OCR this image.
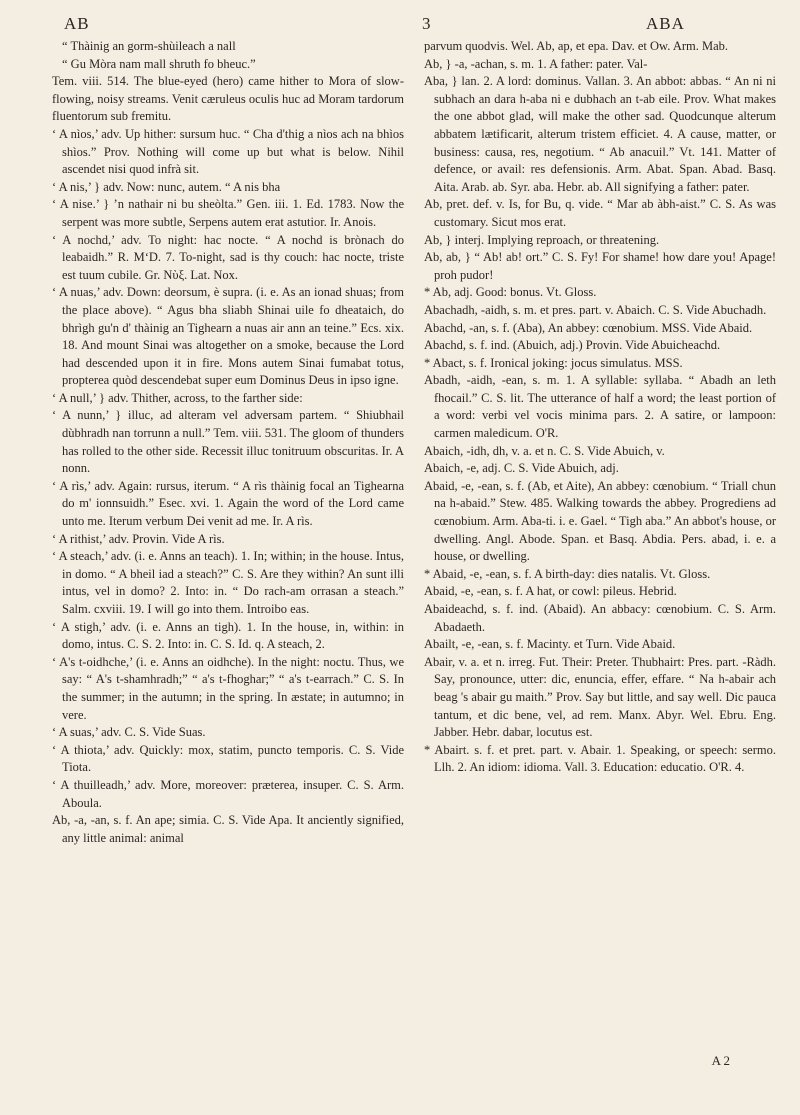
AB	3	ABA

“ Thàinig an gorm-shùileach a nall

“ Gu Mòra nam mall shruth fo bheuc.”

Tem. viii. 514. The blue-eyed (hero) came hither to Mora of slow-flowing, noisy streams. Venit cæruleus oculis huc ad Moram tardorum fluentorum sub fremitu.

‘ A nìos,’ adv. Up hither: sursum huc. “ Cha d'thig a nìos ach na bhìos shìos.” Prov. Nothing will come up but what is below. Nihil ascendet nisi quod infrà sit.

‘ A nis,’ } adv. Now: nunc, autem. “ A nis bha

‘ A nise.’ } ’n nathair ni bu sheòlta.” Gen. iii. 1. Ed. 1783. Now the serpent was more subtle, Serpens autem erat astutior. Ir. Anois.

‘ A nochd,’ adv. To night: hac nocte. “ A nochd is brònach do leabaidh.” R. M‘D. 7. To-night, sad is thy couch: hac nocte, triste est tuum cubile. Gr. Νὺξ. Lat. Nox.

‘ A nuas,’ adv. Down: deorsum, è supra. (i. e. As an ionad shuas; from the place above). “ Agus bha sliabh Shinai uile fo dheataich, do bhrìgh gu'n d' thàinig an Tighearn a nuas air ann an teine.” Ecs. xix. 18. And mount Sinai was altogether on a smoke, because the Lord had descended upon it in fire. Mons autem Sinai fumabat totus, propterea quòd descendebat super eum Dominus Deus in ipso igne.

‘ A null,’ } adv. Thither, across, to the farther side:

‘ A nunn,’ } illuc, ad alteram vel adversam partem. “ Shiubhail dùbhradh nan torrunn a null.” Tem. viii. 531. The gloom of thunders has rolled to the other side. Recessit illuc tonitruum obscuritas. Ir. A nonn.

‘ A rìs,’ adv. Again: rursus, iterum. “ A rìs thàinig focal an Tighearna do m' ionnsuidh.” Esec. xvi. 1. Again the word of the Lord came unto me. Iterum verbum Dei venit ad me. Ir. A rìs.

‘ A rithist,’ adv. Provin. Vide A rìs.

‘ A steach,’ adv. (i. e. Anns an teach). 1. In; within; in the house. Intus, in domo. “ A bheil iad a steach?” C. S. Are they within? An sunt illi intus, vel in domo? 2. Into: in. “ Do rach-am orrasan a steach.” Salm. cxviii. 19. I will go into them. Introibo eas.

‘ A stigh,’ adv. (i. e. Anns an tigh). 1. In the house, in, within: in domo, intus. C. S. 2. Into: in. C. S. Id. q. A steach, 2.

‘ A's t-oidhche,’ (i. e. Anns an oidhche). In the night: noctu. Thus, we say: “ A's t-shamhradh;” “ a's t-fhoghar;” “ a's t-earrach.” C. S. In the summer; in the autumn; in the spring. In æstate; in autumno; in vere.

‘ A suas,’ adv. C. S. Vide Suas.

‘ A thiota,’ adv. Quickly: mox, statim, puncto temporis. C. S. Vide Tiota.

‘ A thuilleadh,’ adv. More, moreover: præterea, insuper. C. S. Arm. Aboula.

Ab, -a, -an, s. f. An ape; simia. C. S. Vide Apa. It anciently signified, any little animal: animal

parvum quodvis. Wel. Ab, ap, et epa. Dav. et Ow. Arm. Mab.

Ab, } -a, -achan, s. m. 1. A father: pater. Val-

Aba, } lan. 2. A lord: dominus. Vallan. 3. An abbot: abbas. “ An ni ni subhach an dara h-aba ni e dubhach an t-ab eile. Prov. What makes the one abbot glad, will make the other sad. Quodcunque alterum abbatem lætificarit, alterum tristem efficiet. 4. A cause, matter, or business: causa, res, negotium. “ Ab anacuil.” Vt. 141. Matter of defence, or avail: res defensionis. Arm. Abat. Span. Abad. Basq. Aita. Arab. ab. Syr. aba. Hebr. ab. All signifying a father: pater.

Ab, pret. def. v. Is, for Bu, q. vide. “ Mar ab àbh-aist.” C. S. As was customary. Sicut mos erat.

Ab, } interj. Implying reproach, or threatening.

Ab, ab, } “ Ab! ab! ort.” C. S. Fy! For shame! how dare you! Apage! proh pudor!

* Ab, adj. Good: bonus. Vt. Gloss.

Abachadh, -aidh, s. m. et pres. part. v. Abaich. C. S. Vide Abuchadh.

Abachd, -an, s. f. (Aba), An abbey: cœnobium. MSS. Vide Abaid.

Abachd, s. f. ind. (Abuich, adj.) Provin. Vide Abuicheachd.

* Abact, s. f. Ironical joking: jocus simulatus. MSS.

Abadh, -aidh, -ean, s. m. 1. A syllable: syllaba. “ Abadh an leth fhocail.” C. S. lit. The utterance of half a word; the least portion of a word: verbi vel vocis minima pars. 2. A satire, or lampoon: carmen maledicum. O'R.

Abaich, -idh, dh, v. a. et n. C. S. Vide Abuich, v.

Abaich, -e, adj. C. S. Vide Abuich, adj.

Abaid, -e, -ean, s. f. (Ab, et Aite), An abbey: cœnobium. “ Triall chun na h-abaid.” Stew. 485. Walking towards the abbey. Progrediens ad cœnobium. Arm. Aba-ti. i. e. Gael. “ Tigh aba.” An abbot's house, or dwelling. Angl. Abode. Span. et Basq. Abdia. Pers. abad, i. e. a house, or dwelling.

* Abaid, -e, -ean, s. f. A birth-day: dies natalis. Vt. Gloss.

Abaid, -e, -ean, s. f. A hat, or cowl: pileus. Hebrid.

Abaideachd, s. f. ind. (Abaid). An abbacy: cœnobium. C. S. Arm. Abadaeth.

Abailt, -e, -ean, s. f. Macinty. et Turn. Vide Abaid.

Abair, v. a. et n. irreg. Fut. Their: Preter. Thubhairt: Pres. part. -Ràdh. Say, pronounce, utter: dic, enuncia, effer, effare. “ Na h-abair ach beag 's abair gu maith.” Prov. Say but little, and say well. Dic pauca tantum, et dic bene, vel, ad rem. Manx. Abyr. Wel. Ebru. Eng. Jabber. Hebr. dabar, locutus est.

* Abairt. s. f. et pret. part. v. Abair. 1. Speaking, or speech: sermo. Llh. 2. An idiom: idioma. Vall. 3. Education: educatio. O'R. 4.

A 2
